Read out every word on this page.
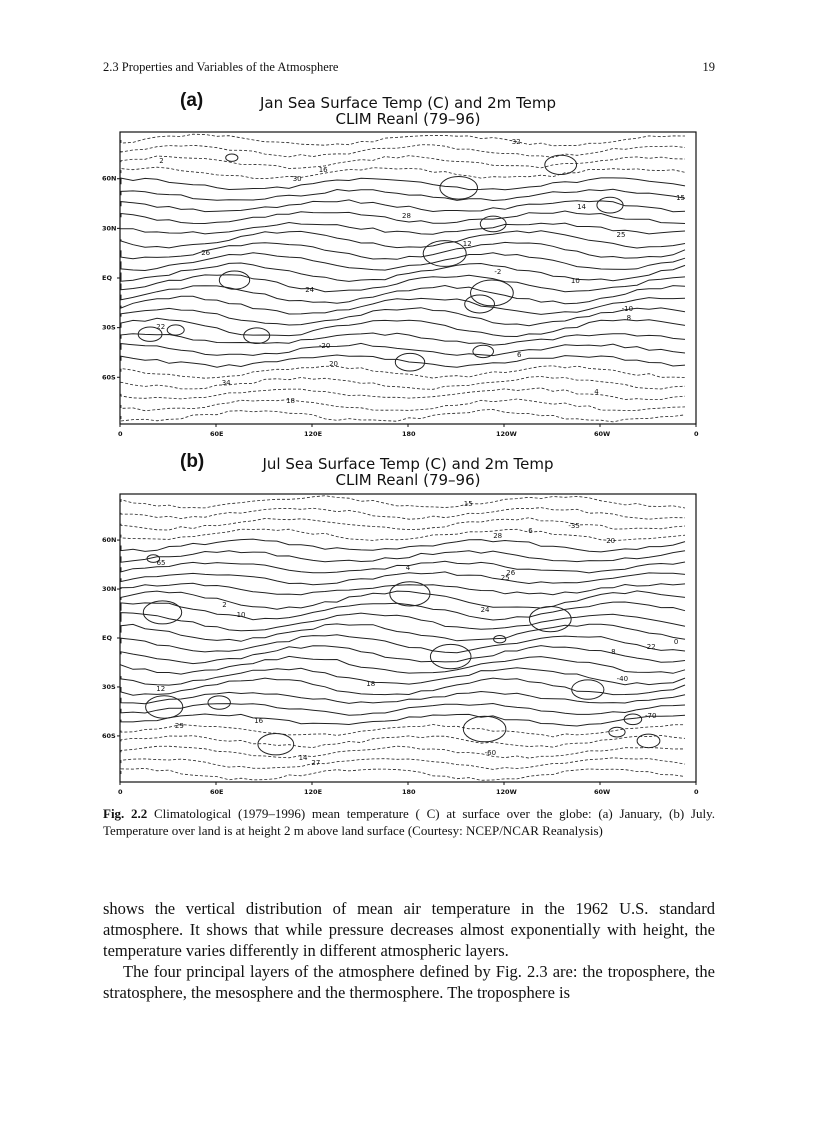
2.3 Properties and Variables of the Atmosphere	19
(a)	Jan Sea Surface Temp (C) and 2m Temp
CLIM Reanl (79–96)
60N
30N
EQ
30S
60S
0	60E	120E	180	120W	60W	0
32
30
28
26
24
22
20
18
16
14
12
10
8
6
4
2
15
25
-2
-10
-20
34
(b)	Jul Sea Surface Temp (C) and 2m Temp
CLIM Reanl (79–96)
60N
30N
EQ
30S
60S
0	60E	120E	180	120W	60W	0
15
20
25
10
8
12
29
27
28
26
24
22
18
16
14
6
4
2
0
-40
-70
-60
-35
65
Fig. 2.2 Climatological (1979–1996) mean temperature ( C) at surface over the globe: (a) January, (b) July. Temperature over land is at height 2 m above land surface (Courtesy: NCEP/NCAR Reanalysis)

shows the vertical distribution of mean air temperature in the 1962 U.S. standard atmosphere. It shows that while pressure decreases almost exponentially with height, the temperature varies differently in different atmospheric layers.

The four principal layers of the atmosphere defined by Fig. 2.3 are: the troposphere, the stratosphere, the mesosphere and the thermosphere. The troposphere is
